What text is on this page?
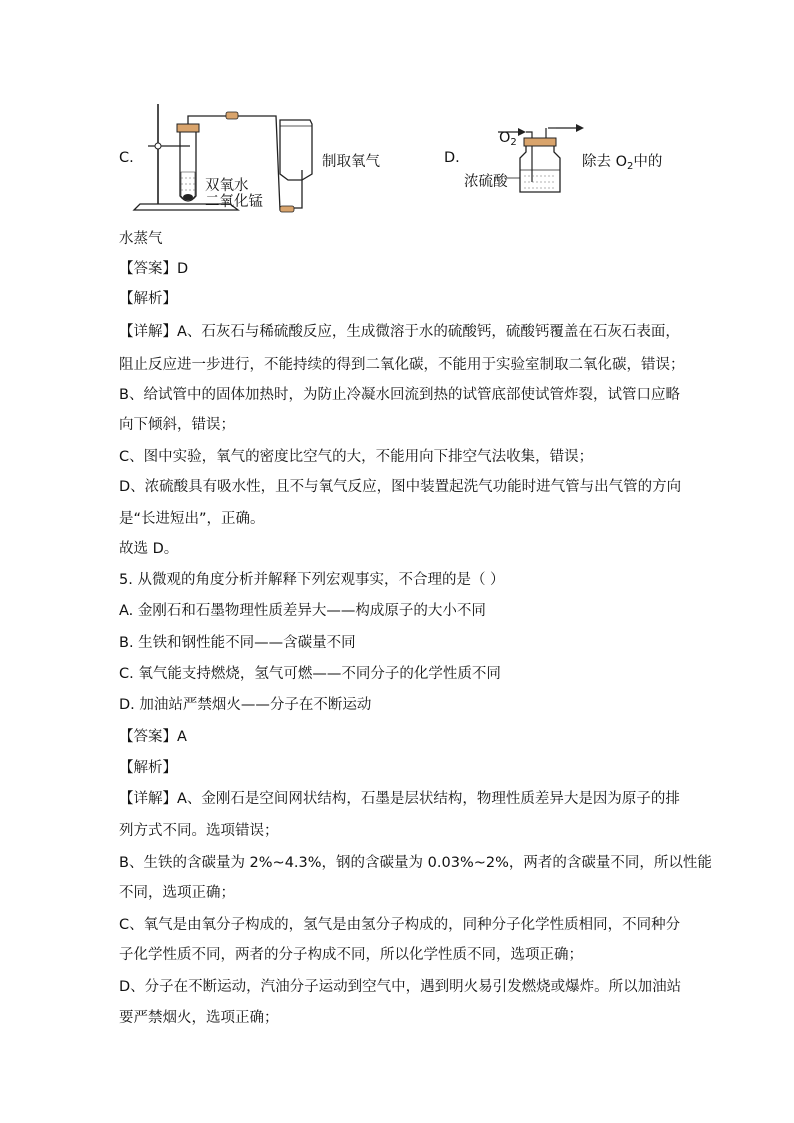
C.
双氧水
二氧化锰
制取氧气	D.
$O_2$
浓硫酸
除去 $O_2$中的
水蒸气
【答案】D
【解析】
【详解】A、石灰石与稀硫酸反应，生成微溶于水的硫酸钙，硫酸钙覆盖在石灰石表面，
阻止反应进一步进行，不能持续的得到二氧化碳，不能用于实验室制取二氧化碳，错误；
B、给试管中的固体加热时，为防止冷凝水回流到热的试管底部使试管炸裂，试管口应略
向下倾斜，错误；
C、图中实验，氧气的密度比空气的大，不能用向下排空气法收集，错误；
D、浓硫酸具有吸水性，且不与氧气反应，图中装置起洗气功能时进气管与出气管的方向
是“长进短出”，正确。
故选 D。
5. 从微观的角度分析并解释下列宏观事实，不合理的是（ ）
A. 金刚石和石墨物理性质差异大——构成原子的大小不同
B. 生铁和钢性能不同——含碳量不同
C. 氧气能支持燃烧，氢气可燃——不同分子的化学性质不同
D. 加油站严禁烟火——分子在不断运动
【答案】A
【解析】
【详解】A、金刚石是空间网状结构，石墨是层状结构，物理性质差异大是因为原子的排
列方式不同。选项错误；
B、生铁的含碳量为 2%~4.3%，钢的含碳量为 0.03%~2%，两者的含碳量不同，所以性能
不同，选项正确；
C、氧气是由氧分子构成的，氢气是由氢分子构成的，同种分子化学性质相同，不同种分
子化学性质不同，两者的分子构成不同，所以化学性质不同，选项正确；
D、分子在不断运动，汽油分子运动到空气中，遇到明火易引发燃烧或爆炸。所以加油站
要严禁烟火，选项正确；
